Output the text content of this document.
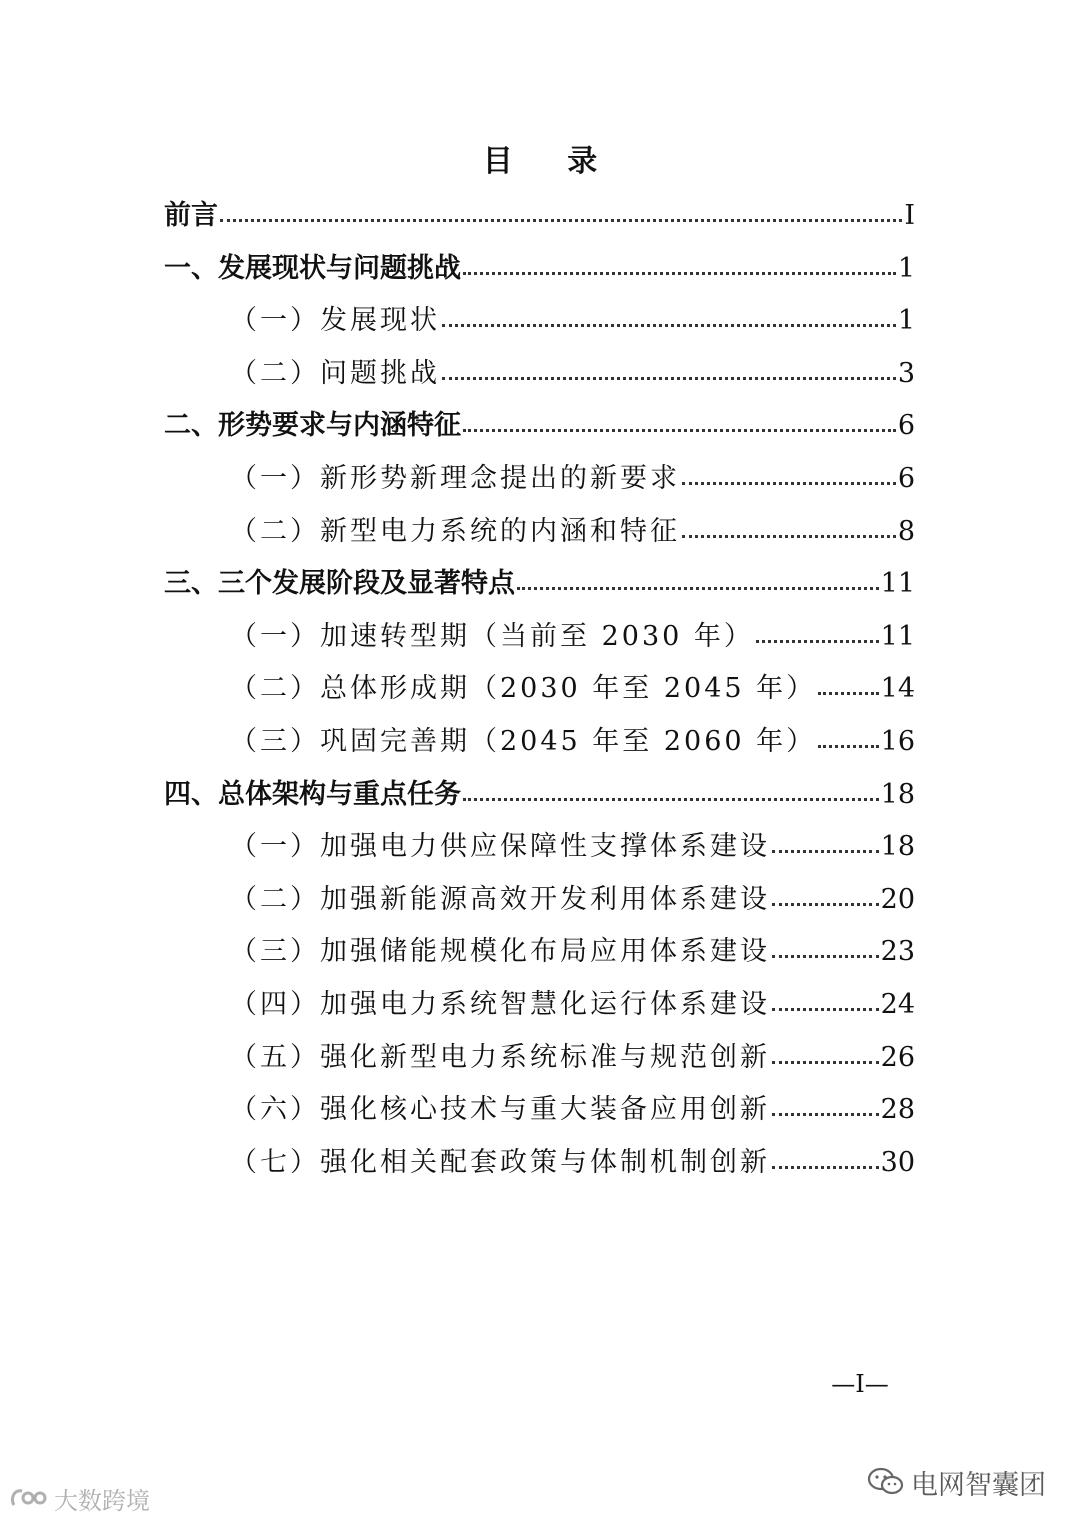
目 录
前言	I
一、发展现状与问题挑战	1
（一）发展现状	1
（二）问题挑战	3
二、形势要求与内涵特征	6
（一）新形势新理念提出的新要求	6
（二）新型电力系统的内涵和特征	8
三、三个发展阶段及显著特点	11
（一）加速转型期（当前至 2030 年）	11
（二）总体形成期（2030 年至 2045 年） 14
（三）巩固完善期（2045 年至 2060 年） 16
四、总体架构与重点任务	18
（一）加强电力供应保障性支撑体系建设	18
（二）加强新能源高效开发利用体系建设	20
（三）加强储能规模化布局应用体系建设	23
（四）加强电力系统智慧化运行体系建设	24
（五）强化新型电力系统标准与规范创新	26
（六）强化核心技术与重大装备应用创新	28
（七）强化相关配套政策与体制机制创新	30
—I—
大数跨境	电网智囊团
